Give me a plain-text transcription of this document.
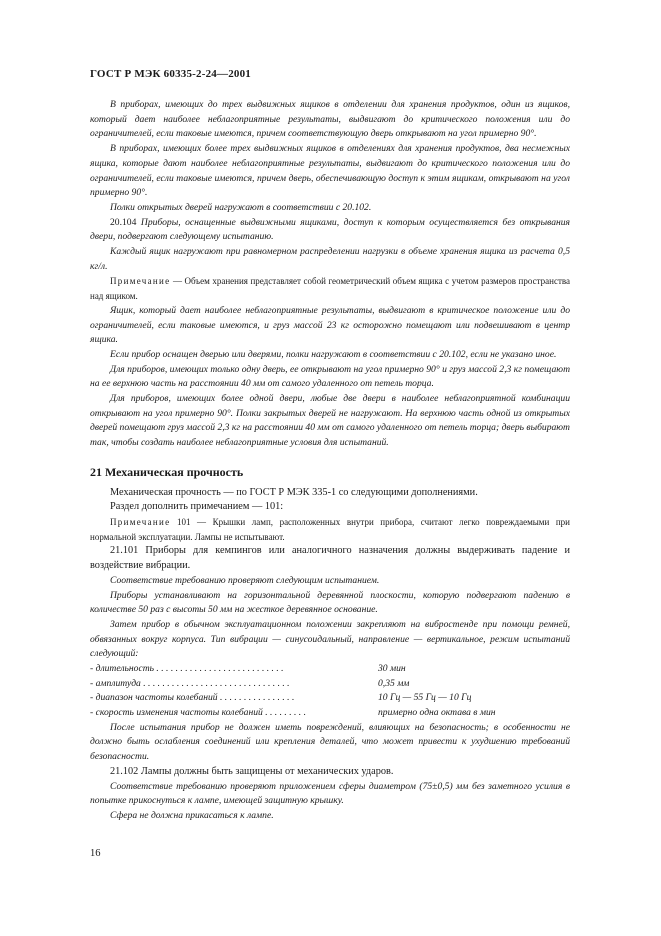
ГОСТ Р МЭК 60335-2-24—2001

В приборах, имеющих до трех выдвижных ящиков в отделении для хранения продуктов, один из ящиков, который дает наиболее неблагоприятные результаты, выдвигают до критического положения или до ограничителей, если таковые имеются, причем соответствующую дверь открывают на угол примерно 90°.

В приборах, имеющих более трех выдвижных ящиков в отделениях для хранения продуктов, два несмежных ящика, которые дают наиболее неблагоприятные результаты, выдвигают до критического положения или до ограничителей, если таковые имеются, причем дверь, обеспечивающую доступ к этим ящикам, открывают на угол примерно 90°.

Полки открытых дверей нагружают в соответствии с 20.102.

20.104 Приборы, оснащенные выдвижными ящиками, доступ к которым осуществляется без открывания двери, подвергают следующему испытанию.

Каждый ящик нагружают при равномерном распределении нагрузки в объеме хранения ящика из расчета 0,5 кг/л.

Примечание — Объем хранения представляет собой геометрический объем ящика с учетом размеров пространства над ящиком.

Ящик, который дает наиболее неблагоприятные результаты, выдвигают в критическое положение или до ограничителей, если таковые имеются, и груз массой 23 кг осторожно помещают или подвешивают в центр ящика.

Если прибор оснащен дверью или дверями, полки нагружают в соответствии с 20.102, если не указано иное.

Для приборов, имеющих только одну дверь, ее открывают на угол примерно 90° и груз массой 2,3 кг помещают на ее верхнюю часть на расстоянии 40 мм от самого удаленного от петель торца.

Для приборов, имеющих более одной двери, любые две двери в наиболее неблагоприятной комбинации открывают на угол примерно 90°. Полки закрытых дверей не нагружают. На верхнюю часть одной из открытых дверей помещают груз массой 2,3 кг на расстоянии 40 мм от самого удаленного от петель торца; дверь выбирают так, чтобы создать наиболее неблагоприятные условия для испытаний.

21 Механическая прочность

Механическая прочность — по ГОСТ Р МЭК 335-1 со следующими дополнениями.

Раздел дополнить примечанием — 101:

Примечание 101 — Крышки ламп, расположенных внутри прибора, считают легко повреждаемыми при нормальной эксплуатации. Лампы не испытывают.

21.101 Приборы для кемпингов или аналогичного назначения должны выдерживать падение и воздействие вибрации.

Соответствие требованию проверяют следующим испытанием.

Приборы устанавливают на горизонтальной деревянной плоскости, которую подвергают падению в количестве 50 раз с высоты 50 мм на жесткое деревянное основание.

Затем прибор в обычном эксплуатационном положении закрепляют на вибростенде при помощи ремней, обвязанных вокруг корпуса. Тип вибрации — синусоидальный, направление — вертикальное, режим испытаний следующий:

- длительность . . . . . . . . . . . . . . . . . . . . . . . . . . .	30 мин
- амплитуда . . . . . . . . . . . . . . . . . . . . . . . . . . . . . . .	0,35 мм
- диапазон частоты колебаний . . . . . . . . . . . . . . . .	10 Гц — 55 Гц — 10 Гц
- скорость изменения частоты колебаний . . . . . . . . .	примерно одна октава в мин

После испытания прибор не должен иметь повреждений, влияющих на безопасность; в особенности не должно быть ослабления соединений или крепления деталей, что может привести к ухудшению требований безопасности.

21.102 Лампы должны быть защищены от механических ударов.

Соответствие требованию проверяют приложением сферы диаметром (75±0,5) мм без заметного усилия в попытке прикоснуться к лампе, имеющей защитную крышку.

Сфера не должна прикасаться к лампе.

16
